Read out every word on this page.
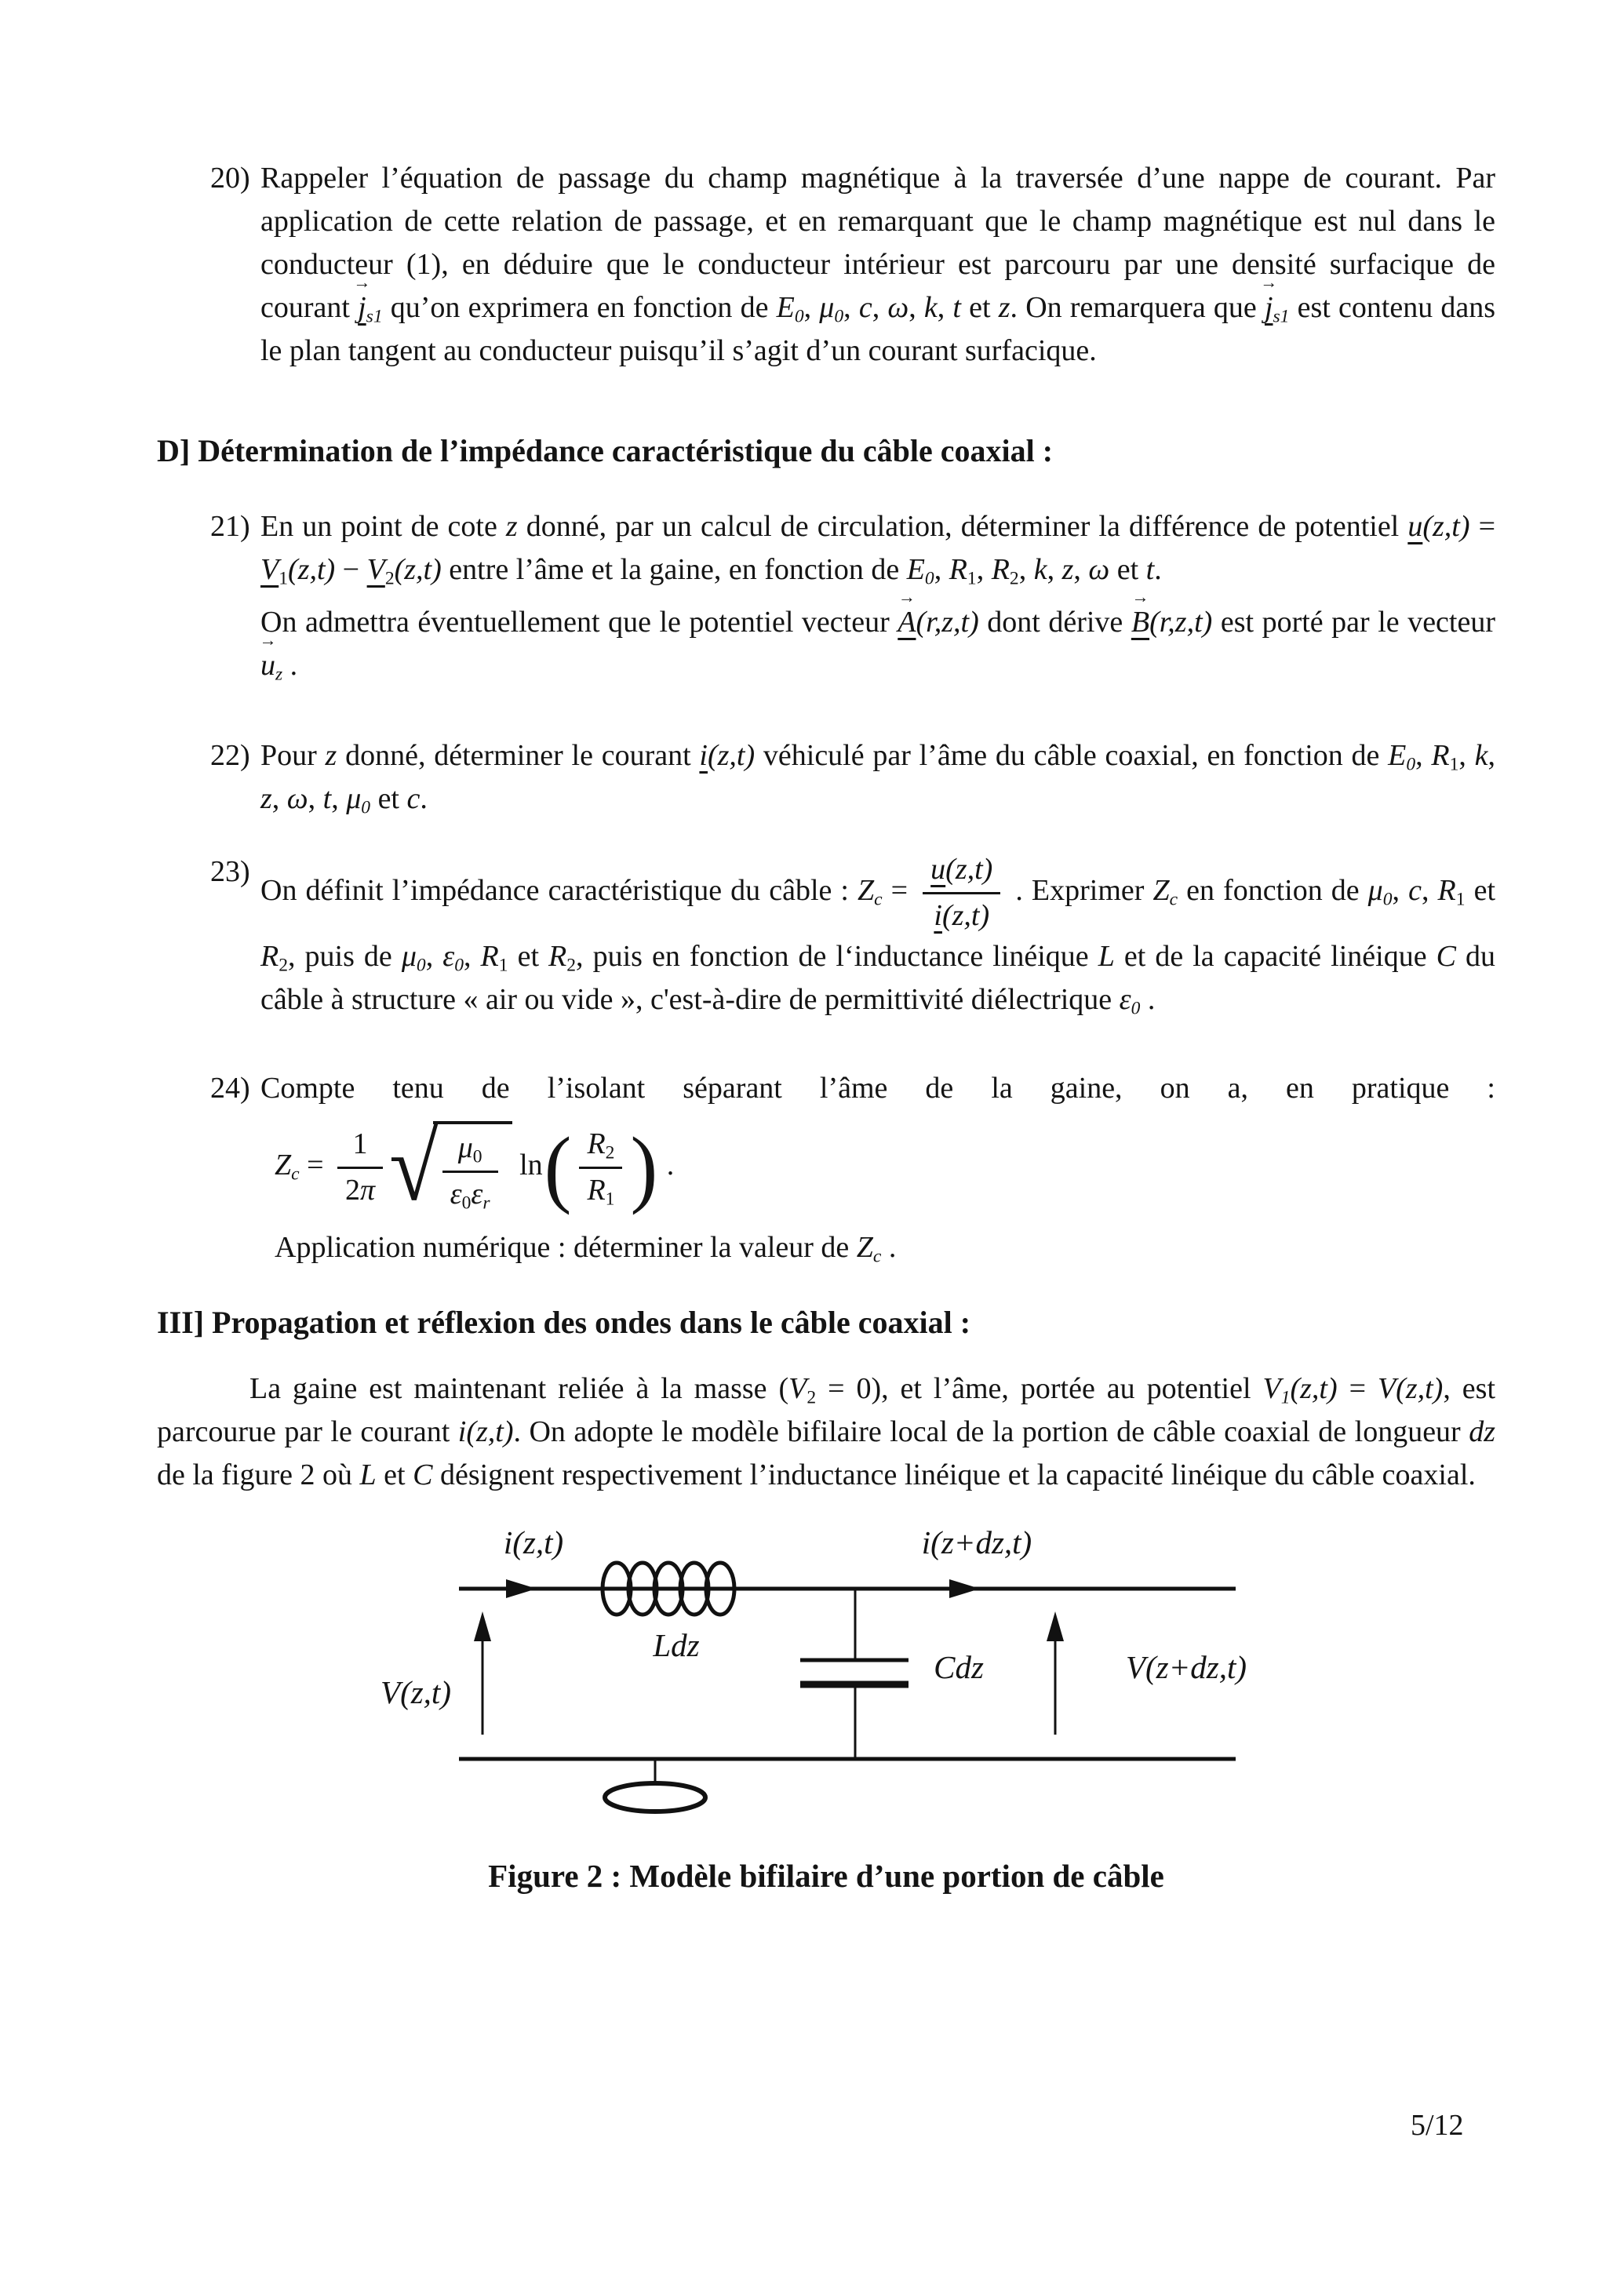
20) Rappeler l’équation de passage du champ magnétique à la traversée d’une nappe de courant. Par application de cette relation de passage, et en remarquant que le champ magnétique est nul dans le conducteur (1), en déduire que le conducteur intérieur est parcouru par une densité surfacique de courant → $j_{s1}$ qu’on exprimera en fonction de $E_0$, $\mu_0$, c, ω, k, t et z. On remarquera que → $j_{s1}$ est contenu dans le plan tangent au conducteur puisqu’il s’agit d’un courant surfacique.

D] Détermination de l’impédance caractéristique du câble coaxial :

21) En un point de cote z donné, par un calcul de circulation, déterminer la différence de potentiel $u(z,t) = V_1(z,t) - V_2(z,t)$ entre l’âme et la gaine, en fonction de $E_0$, $R_1$, $R_2$, k, z, ω et t.

On admettra éventuellement que le potentiel vecteur → A(r,z,t) dont dérive → B(r,z,t) est porté par le vecteur → $u_z$ .

22) Pour z donné, déterminer le courant i(z,t) véhiculé par l’âme du câble coaxial, en fonction de $E_0$, $R_1$, k, z, ω, t, $\mu_0$ et c.

23)

On définit l’impédance caractéristique du câble : $Z_c = \frac{u(z,t)}{i(z,t)}$ . Exprimer $Z_c$ en fonction de $\mu_0$, c, $R_1$ et $R_2$, puis de $\mu_0$, $\varepsilon_0$, $R_1$ et $R_2$, puis en fonction de l‘inductance linéique L et de la capacité linéique C du câble à structure « air ou vide », c'est-à-dire de permittivité diélectrique $\varepsilon_0$ .

24) Compte tenu de l’isolant séparant l’âme de la gaine, on a, en pratique :

$Z_c = \frac{1}{2\pi}$ √ $\frac{\mu_0}{\varepsilon_0\varepsilon_r} \ln( \frac{R_2}{R_1}$ ) .

Application numérique : déterminer la valeur de $Z_c$ .

III] Propagation et réflexion des ondes dans le câble coaxial :

La gaine est maintenant reliée à la masse $(V_2 = 0)$, et l’âme, portée au potentiel $V_1(z,t) = V(z,t)$, est parcourue par le courant i(z,t). On adopte le modèle bifilaire local de la portion de câble coaxial de longueur dz de la figure 2 où L et C désignent respectivement l’inductance linéique et la capacité linéique du câble coaxial.

i(z,t)	i(z+dz,t)
Ldz
Cdz
V(z,t)
V(z+dz,t)

Figure 2 : Modèle bifilaire d’une portion de câble

5/12
